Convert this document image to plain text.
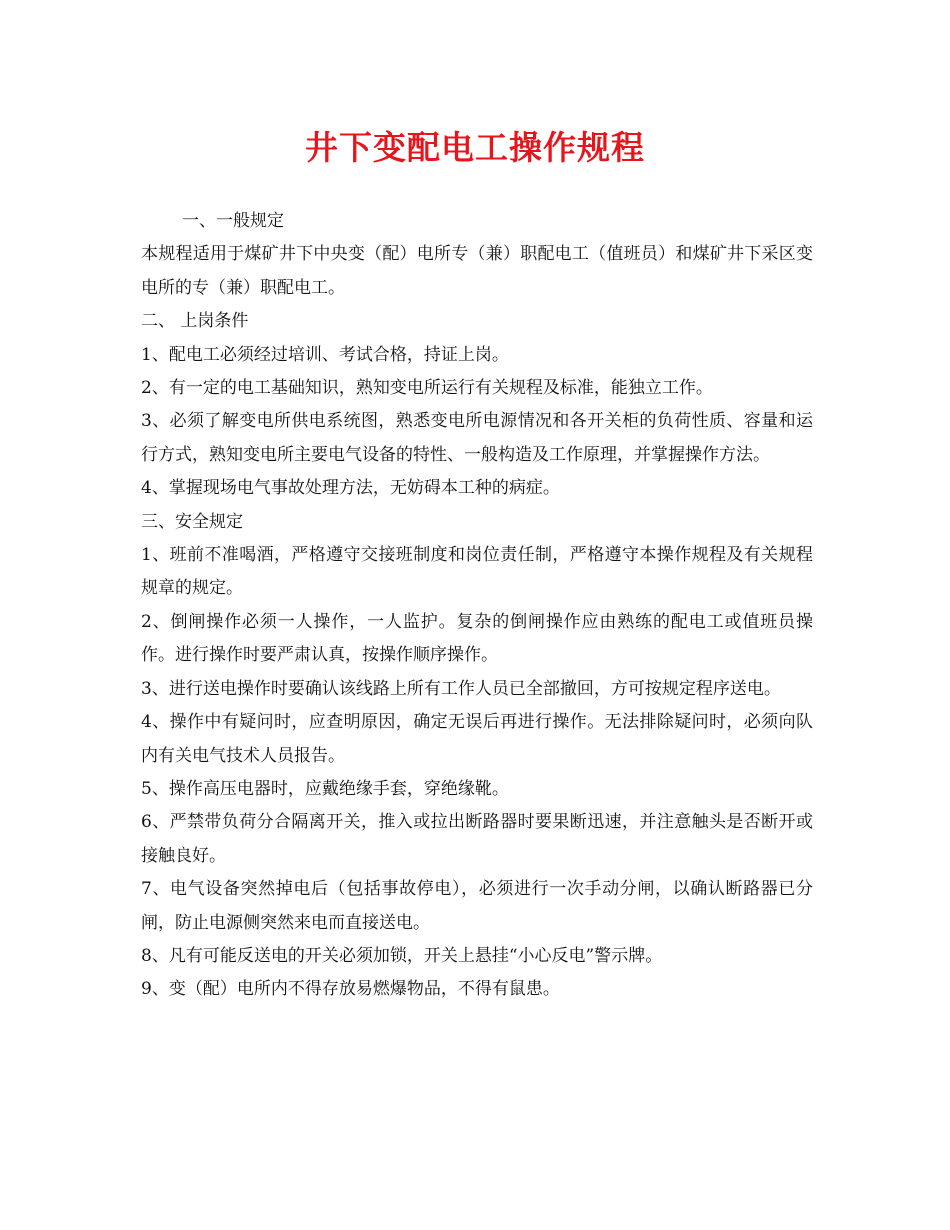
井下变配电工操作规程

一、一般规定

本规程适用于煤矿井下中央变（配）电所专（兼）职配电工（值班员）和煤矿井下采区变电所的专（兼）职配电工。

二、 上岗条件

1、配电工必须经过培训、考试合格，持证上岗。

2、有一定的电工基础知识，熟知变电所运行有关规程及标准，能独立工作。

3、必须了解变电所供电系统图，熟悉变电所电源情况和各开关柜的负荷性质、容量和运行方式，熟知变电所主要电气设备的特性、一般构造及工作原理，并掌握操作方法。

4、掌握现场电气事故处理方法，无妨碍本工种的病症。

三、安全规定

1、班前不准喝酒，严格遵守交接班制度和岗位责任制，严格遵守本操作规程及有关规程规章的规定。

2、倒闸操作必须一人操作，一人监护。复杂的倒闸操作应由熟练的配电工或值班员操作。进行操作时要严肃认真，按操作顺序操作。

3、进行送电操作时要确认该线路上所有工作人员已全部撤回，方可按规定程序送电。

4、操作中有疑问时，应查明原因，确定无误后再进行操作。无法排除疑问时，必须向队内有关电气技术人员报告。

5、操作高压电器时，应戴绝缘手套，穿绝缘靴。

6、严禁带负荷分合隔离开关，推入或拉出断路器时要果断迅速，并注意触头是否断开或接触良好。

7、电气设备突然掉电后（包括事故停电），必须进行一次手动分闸，以确认断路器已分闸，防止电源侧突然来电而直接送电。

8、凡有可能反送电的开关必须加锁，开关上悬挂“小心反电”警示牌。

9、变（配）电所内不得存放易燃爆物品，不得有鼠患。
